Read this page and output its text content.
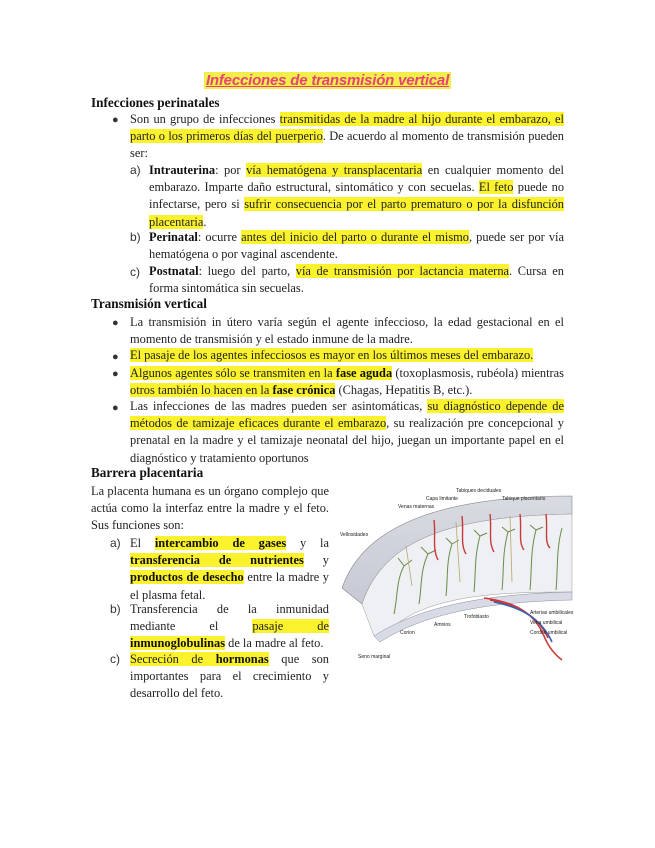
Infecciones de transmisión vertical
Infecciones perinatales
● Son un grupo de infecciones transmitidas de la madre al hijo durante el embarazo, el parto o los primeros días del puerperio. De acuerdo al momento de transmisión pueden ser:
a) Intrauterina: por vía hematógena y transplacentaria en cualquier momento del embarazo. Imparte daño estructural, sintomático y con secuelas. El feto puede no infectarse, pero si sufrir consecuencia por el parto prematuro o por la disfunción placentaria.
b) Perinatal: ocurre antes del inicio del parto o durante el mismo, puede ser por vía hematógena o por vaginal ascendente.
c) Postnatal: luego del parto, vía de transmisión por lactancia materna. Cursa en forma sintomática sin secuelas.
Transmisión vertical
● La transmisión in útero varía según el agente infeccioso, la edad gestacional en el momento de transmisión y el estado inmune de la madre.
● El pasaje de los agentes infecciosos es mayor en los últimos meses del embarazo.
● Algunos agentes sólo se transmiten en la fase aguda (toxoplasmosis, rubéola) mientras otros también lo hacen en la fase crónica (Chagas, Hepatitis B, etc.).
● Las infecciones de las madres pueden ser asintomáticas, su diagnóstico depende de métodos de tamizaje eficaces durante el embarazo, su realización pre concepcional y prenatal en la madre y el tamizaje neonatal del hijo, juegan un importante papel en el diagnóstico y tratamiento oportunos
Barrera placentaria
La placenta humana es un órgano complejo que actúa como la interfaz entre la madre y el feto. Sus funciones son:
a) El intercambio de gases y la transferencia de nutrientes y productos de desecho entre la madre y el plasma fetal.
b) Transferencia de la inmunidad mediante el pasaje de inmunoglobulinas de la madre al feto.
c) Secreción de hormonas que son importantes para el crecimiento y desarrollo del feto.
Tabiques deciduales
Capa limitante
Venas maternas
Tabique placentario
Vellosidades
Arterias umbilicales
Vena umbilical
Cordón umbilical
Corion
Amnios
Trofoblasto
Seno marginal
